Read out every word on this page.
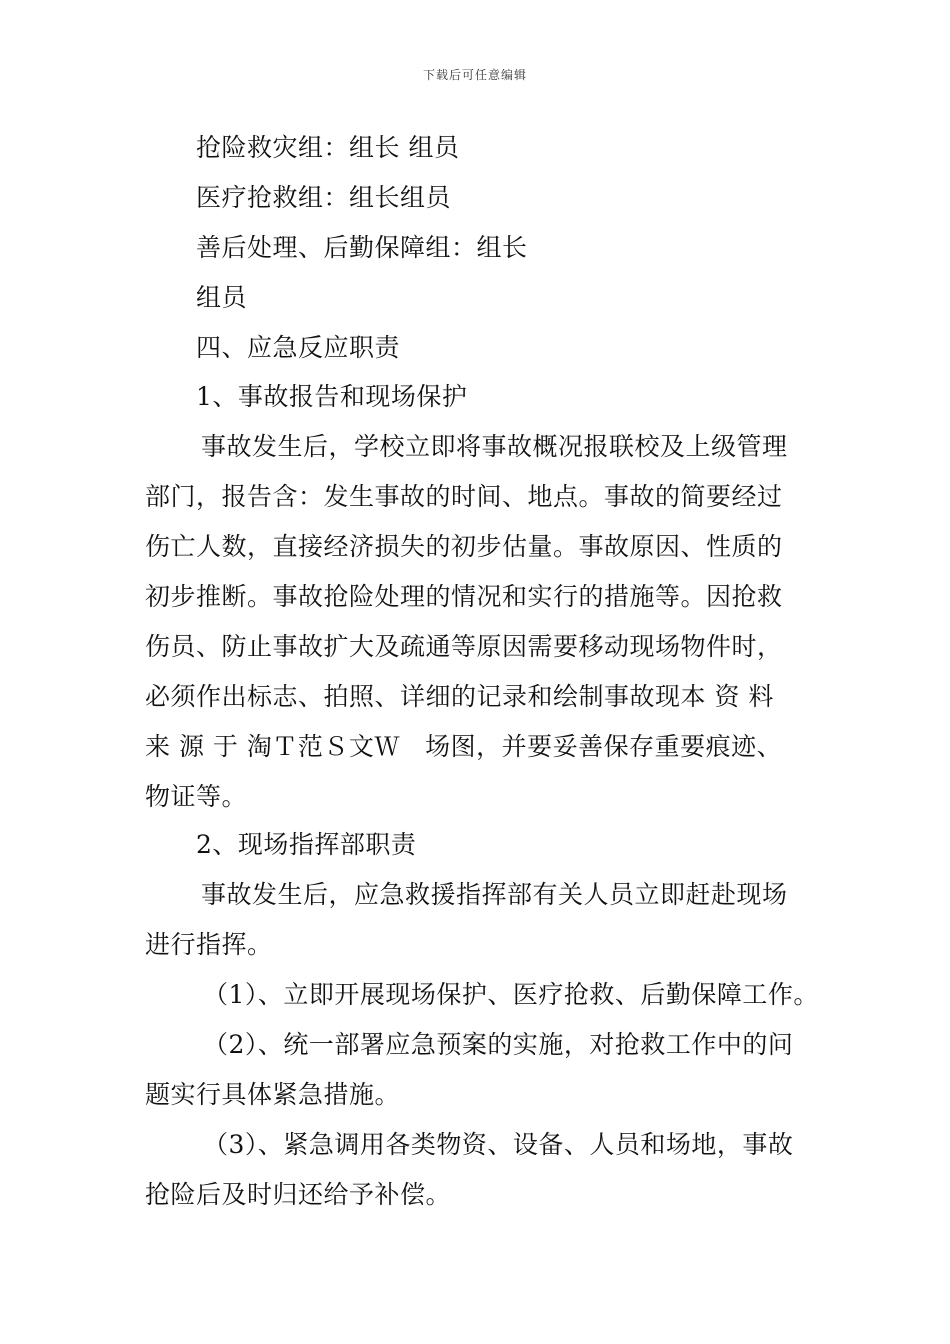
下载后可任意编辑
抢险救灾组：组长 组员
医疗抢救组：组长组员
善后处理、后勤保障组：组长
组员
四、应急反应职责
1、事故报告和现场保护
事故发生后，学校立即将事故概况报联校及上级管理
部门，报告含：发生事故的时间、地点。事故的简要经过
伤亡人数，直接经济损失的初步估量。事故原因、性质的
初步推断。事故抢险处理的情况和实行的措施等。因抢救
伤员、防止事故扩大及疏通等原因需要移动现场物件时，
必须作出标志、拍照、详细的记录和绘制事故现本 资 料
来 源 于 淘Ｔ范Ｓ文Ｗ   场图，并要妥善保存重要痕迹、
物证等。
2、现场指挥部职责
事故发生后，应急救援指挥部有关人员立即赶赴现场
进行指挥。
（1）、立即开展现场保护、医疗抢救、后勤保障工作。
（2）、统一部署应急预案的实施，对抢救工作中的问
题实行具体紧急措施。
（3）、紧急调用各类物资、设备、人员和场地，事故
抢险后及时归还给予补偿。
